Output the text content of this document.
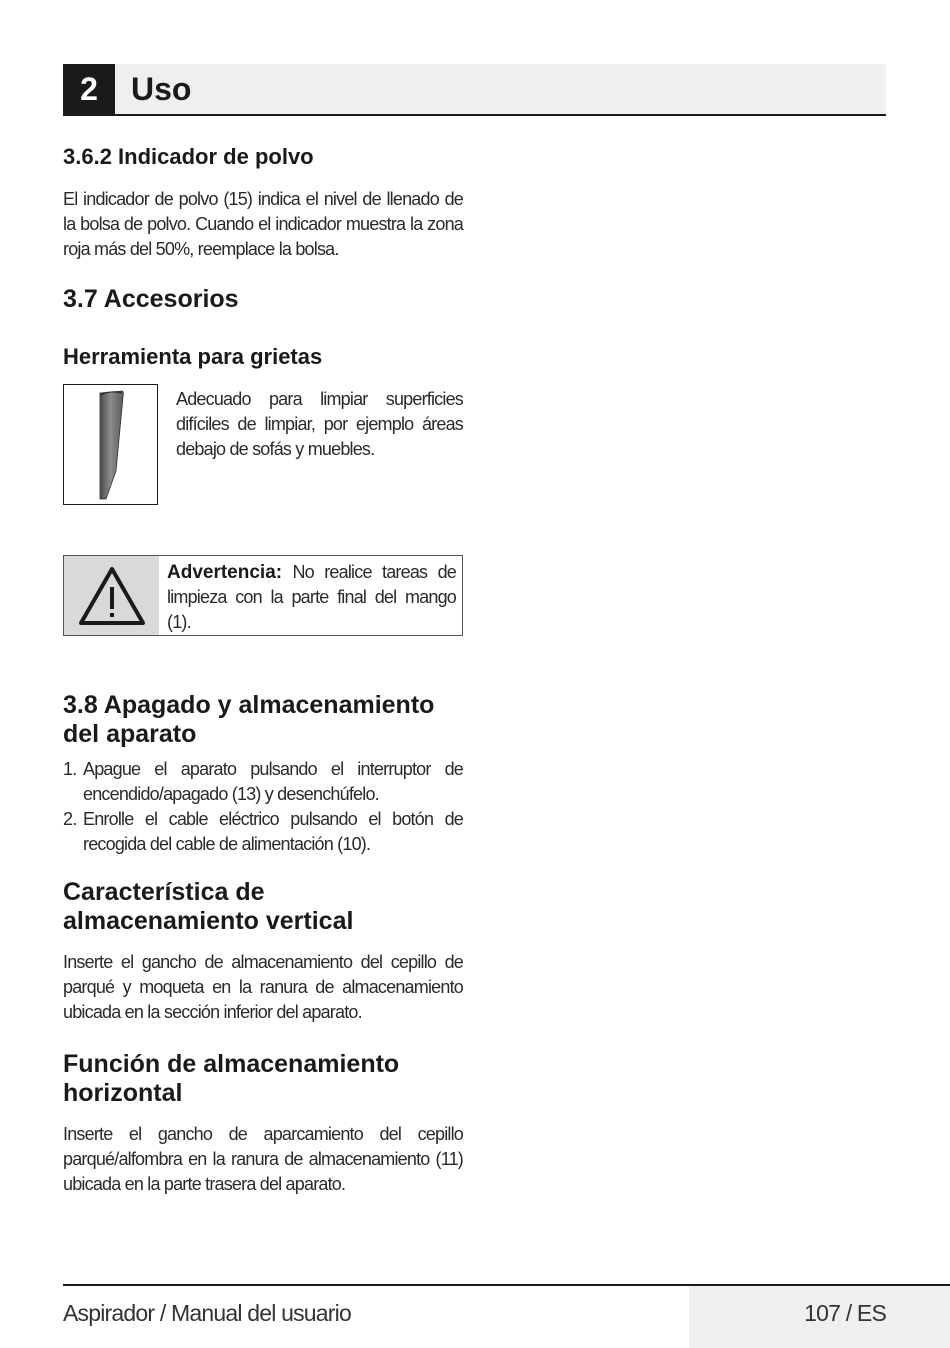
2	Uso
3.6.2 Indicador de polvo

El indicador de polvo (15) indica el nivel de llenado de la bolsa de polvo. Cuando el indicador muestra la zona roja más del 50%, reemplace la bolsa.

3.7 Accesorios
Herramienta para grietas

Adecuado para limpiar superficies difíciles de limpiar, por ejemplo áreas debajo de sofás y muebles.

Advertencia: No realice tareas de limpieza con la parte final del mango (1).

3.8 Apagado y almacenamiento del aparato

1. Apague el aparato pulsando el interruptor de encendido/apagado (13) y desenchúfelo.

2. Enrolle el cable eléctrico pulsando el botón de recogida del cable de alimentación (10).

Característica de almacenamiento vertical

Inserte el gancho de almacenamiento del cepillo de parqué y moqueta en la ranura de almacenamiento ubicada en la sección inferior del aparato.

Función de almacenamiento horizontal

Inserte el gancho de aparcamiento del cepillo parqué/alfombra en la ranura de almacenamiento (11) ubicada en la parte trasera del aparato.

Aspirador / Manual del usuario	107 / ES
